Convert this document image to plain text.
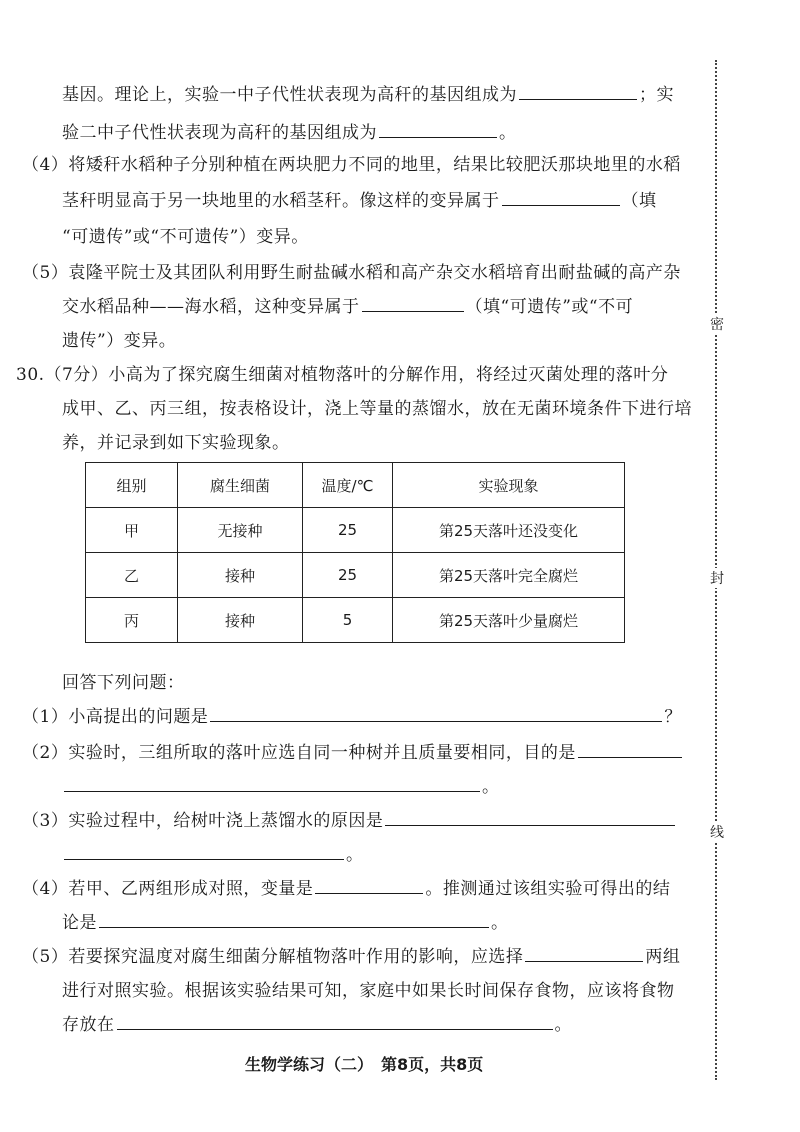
基因。理论上，实验一中子代性状表现为高秆的基因组成为	；实
验二中子代性状表现为高秆的基因组成为	。
（4）将矮秆水稻种子分别种植在两块肥力不同的地里，结果比较肥沃那块地里的水稻
茎秆明显高于另一块地里的水稻茎秆。像这样的变异属于	（填
“可遗传”或“不可遗传”）变异。
（5）袁隆平院士及其团队利用野生耐盐碱水稻和高产杂交水稻培育出耐盐碱的高产杂
交水稻品种——海水稻，这种变异属于	（填“可遗传”或“不可
遗传”）变异。
30.（7分）小高为了探究腐生细菌对植物落叶的分解作用，将经过灭菌处理的落叶分
成甲、乙、丙三组，按表格设计，浇上等量的蒸馏水，放在无菌环境条件下进行培
养，并记录到如下实验现象。
组别	腐生细菌	温度/℃	实验现象
甲	无接种	25	第25天落叶还没变化
乙	接种	25	第25天落叶完全腐烂
丙	接种	5	第25天落叶少量腐烂
回答下列问题：
（1）小高提出的问题是	？
（2）实验时，三组所取的落叶应选自同一种树并且质量要相同，目的是
。
（3）实验过程中，给树叶浇上蒸馏水的原因是
。
（4）若甲、乙两组形成对照，变量是	。推测通过该组实验可得出的结
论是	。
（5）若要探究温度对腐生细菌分解植物落叶作用的影响，应选择	两组
进行对照实验。根据该实验结果可知，家庭中如果长时间保存食物，应该将食物
存放在	。
生物学练习（二）　第8页，共8页
密
封
线
